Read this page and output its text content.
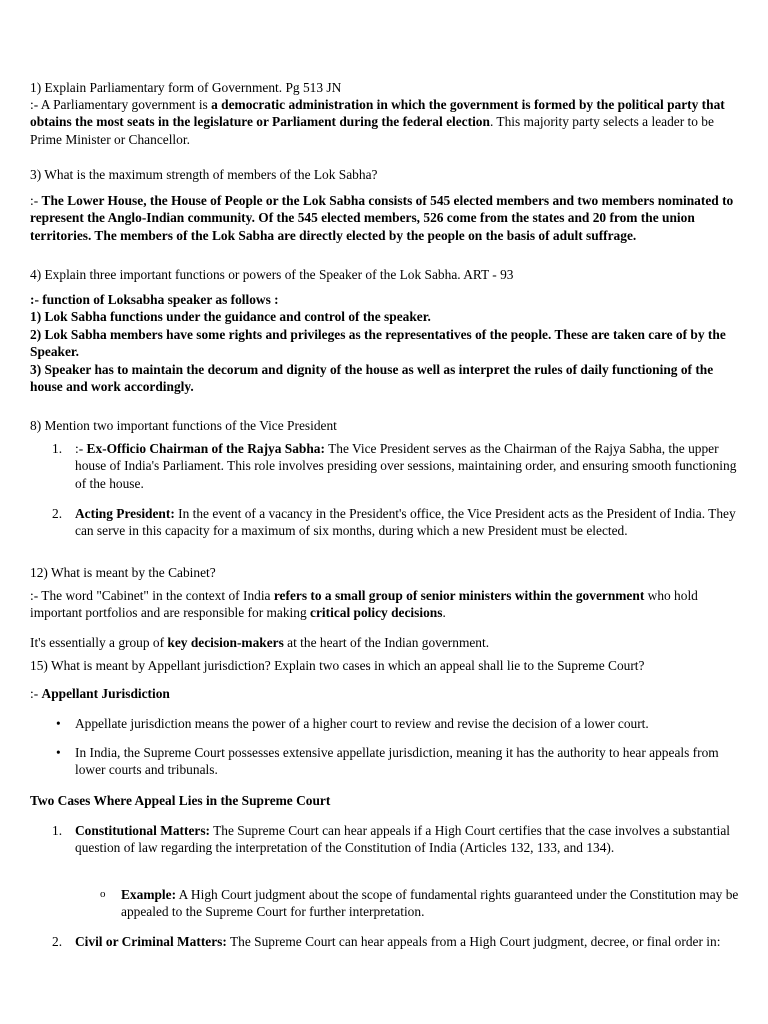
1) Explain Parliamentary form of Government. Pg 513 JN

:- A Parliamentary government is a democratic administration in which the government is formed by the political party that obtains the most seats in the legislature or Parliament during the federal election. This majority party selects a leader to be Prime Minister or Chancellor.

3) What is the maximum strength of members of the Lok Sabha?

:- The Lower House, the House of People or the Lok Sabha consists of 545 elected members and two members nominated to represent the Anglo-Indian community. Of the 545 elected members, 526 come from the states and 20 from the union territories. The members of the Lok Sabha are directly elected by the people on the basis of adult suffrage.

4) Explain three important functions or powers of the Speaker of the Lok Sabha. ART - 93

:- function of Loksabha speaker as follows :
1) Lok Sabha functions under the guidance and control of the speaker.
2) Lok Sabha members have some rights and privileges as the representatives of the people. These are taken care of by the Speaker.
3) Speaker has to maintain the decorum and dignity of the house as well as interpret the rules of daily functioning of the house and work accordingly.

8) Mention two important functions of the Vice President

1. :- Ex-Officio Chairman of the Rajya Sabha: The Vice President serves as the Chairman of the Rajya Sabha, the upper house of India's Parliament. This role involves presiding over sessions, maintaining order, and ensuring smooth functioning of the house.
2. Acting President: In the event of a vacancy in the President's office, the Vice President acts as the President of India. They can serve in this capacity for a maximum of six months, during which a new President must be elected.

12) What is meant by the Cabinet?

:- The word "Cabinet" in the context of India refers to a small group of senior ministers within the government who hold important portfolios and are responsible for making critical policy decisions.

It's essentially a group of key decision-makers at the heart of the Indian government.

15) What is meant by Appellant jurisdiction? Explain two cases in which an appeal shall lie to the Supreme Court?

:- Appellant Jurisdiction

• Appellate jurisdiction means the power of a higher court to review and revise the decision of a lower court.
• In India, the Supreme Court possesses extensive appellate jurisdiction, meaning it has the authority to hear appeals from lower courts and tribunals.

Two Cases Where Appeal Lies in the Supreme Court

1. Constitutional Matters: The Supreme Court can hear appeals if a High Court certifies that the case involves a substantial question of law regarding the interpretation of the Constitution of India (Articles 132, 133, and 134).
o Example: A High Court judgment about the scope of fundamental rights guaranteed under the Constitution may be appealed to the Supreme Court for further interpretation.
2. Civil or Criminal Matters: The Supreme Court can hear appeals from a High Court judgment, decree, or final order in:
